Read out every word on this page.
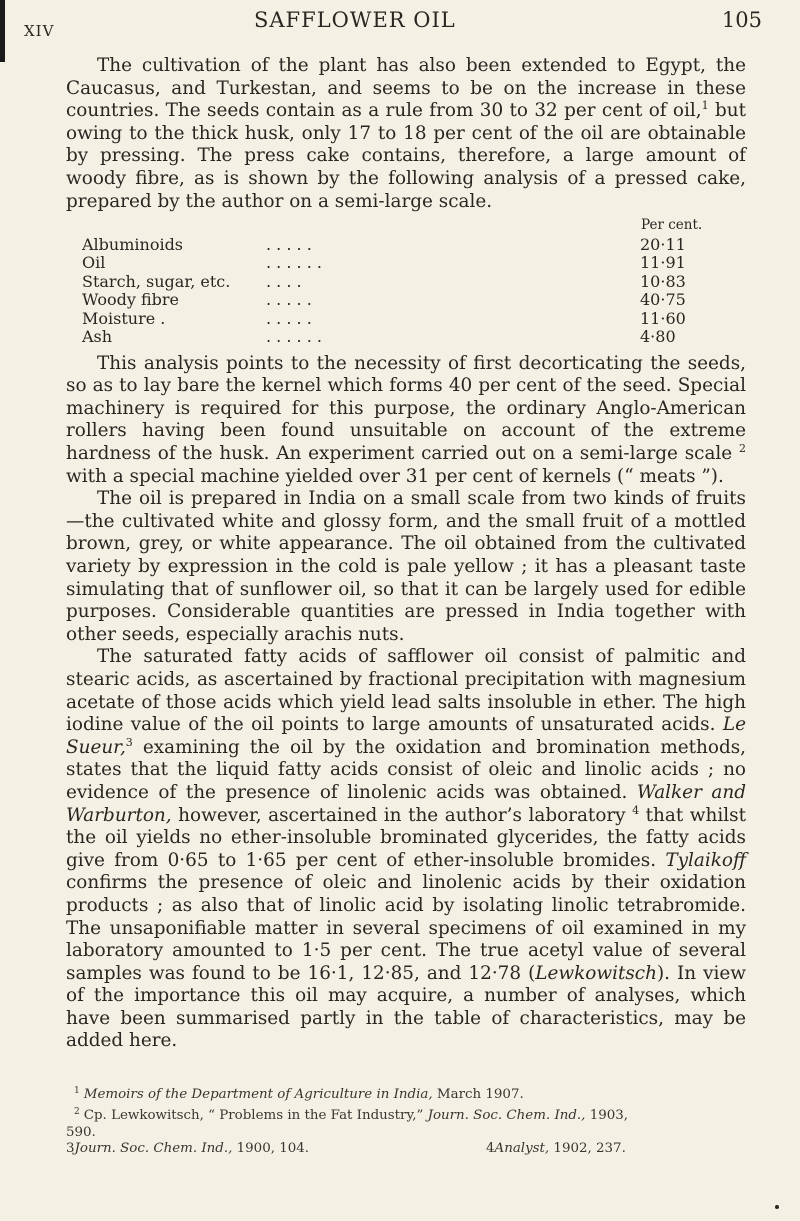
XIV	SAFFLOWER OIL	105

The cultivation of the plant has also been extended to Egypt, the Caucasus, and Turkestan, and seems to be on the increase in these countries. The seeds contain as a rule from 30 to 32 per cent of oil,$^1$ but owing to the thick husk, only 17 to 18 per cent of the oil are obtainable by pressing. The press cake contains, therefore, a large amount of woody fibre, as is shown by the following analysis of a pressed cake, prepared by the author on a semi-large scale.

Per cent.
Albuminoids	. . . . .	20·11
Oil	. . . . . .	11·91
Starch, sugar, etc. . . . .	10·83
Woody fibre	. . . . .	40·75
Moisture .	. . . . .	11·60
Ash	. . . . . .	4·80

This analysis points to the necessity of first decorticating the seeds, so as to lay bare the kernel which forms 40 per cent of the seed. Special machinery is required for this purpose, the ordinary Anglo-American rollers having been found unsuitable on account of the extreme hardness of the husk. An experiment carried out on a semi-large scale $^2$ with a special machine yielded over 31 per cent of kernels (“ meats ”).

The oil is prepared in India on a small scale from two kinds of fruits—the cultivated white and glossy form, and the small fruit of a mottled brown, grey, or white appearance. The oil obtained from the cultivated variety by expression in the cold is pale yellow ; it has a pleasant taste simulating that of sunflower oil, so that it can be largely used for edible purposes. Considerable quantities are pressed in India together with other seeds, especially arachis nuts.

The saturated fatty acids of safflower oil consist of palmitic and stearic acids, as ascertained by fractional precipitation with magnesium acetate of those acids which yield lead salts insoluble in ether. The high iodine value of the oil points to large amounts of unsaturated acids. Le Sueur,$^3$ examining the oil by the oxidation and bromination methods, states that the liquid fatty acids consist of oleic and linolic acids ; no evidence of the presence of linolenic acids was obtained. Walker and Warburton, however, ascertained in the author’s laboratory $^4$ that whilst the oil yields no ether-insoluble brominated glycerides, the fatty acids give from 0·65 to 1·65 per cent of ether-insoluble bromides. Tylaikoff confirms the presence of oleic and linolenic acids by their oxidation products ; as also that of linolic acid by isolating linolic tetrabromide. The unsaponifiable matter in several specimens of oil examined in my laboratory amounted to 1·5 per cent. The true acetyl value of several samples was found to be 16·1, 12·85, and 12·78 (Lewkowitsch). In view of the importance this oil may acquire, a number of analyses, which have been summarised partly in the table of characteristics, may be added here.

$^1$ Memoirs of the Department of Agriculture in India, March 1907.

$^2$ Cp. Lewkowitsch, “ Problems in the Fat Industry,” Journ. Soc. Chem. Ind., 1903,

590.

3Journ. Soc. Chem. Ind., 1900, 104.	4Analyst, 1902, 237.
